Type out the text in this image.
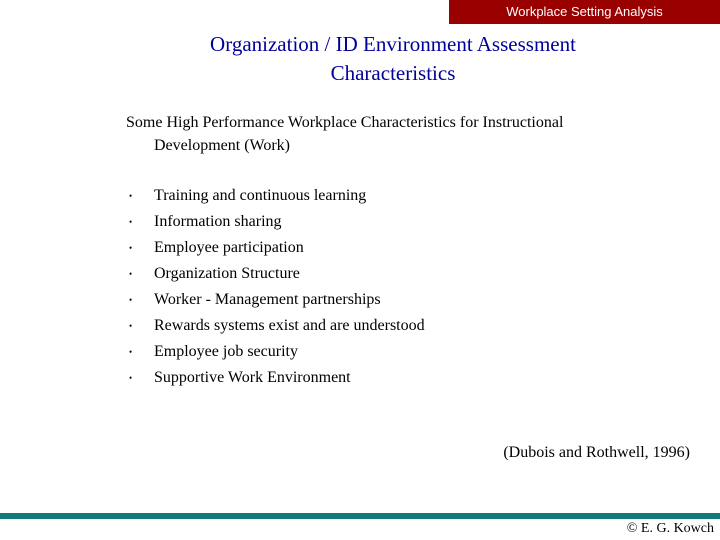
Workplace Setting Analysis
Organization / ID Environment Assessment
Characteristics
Some High Performance Workplace Characteristics for Instructional
Development (Work)
• Training and continuous learning
• Information sharing
• Employee participation
• Organization Structure
• Worker - Management partnerships
• Rewards systems exist and are understood
• Employee job security
• Supportive Work Environment
(Dubois and Rothwell, 1996)
© E. G. Kowch
